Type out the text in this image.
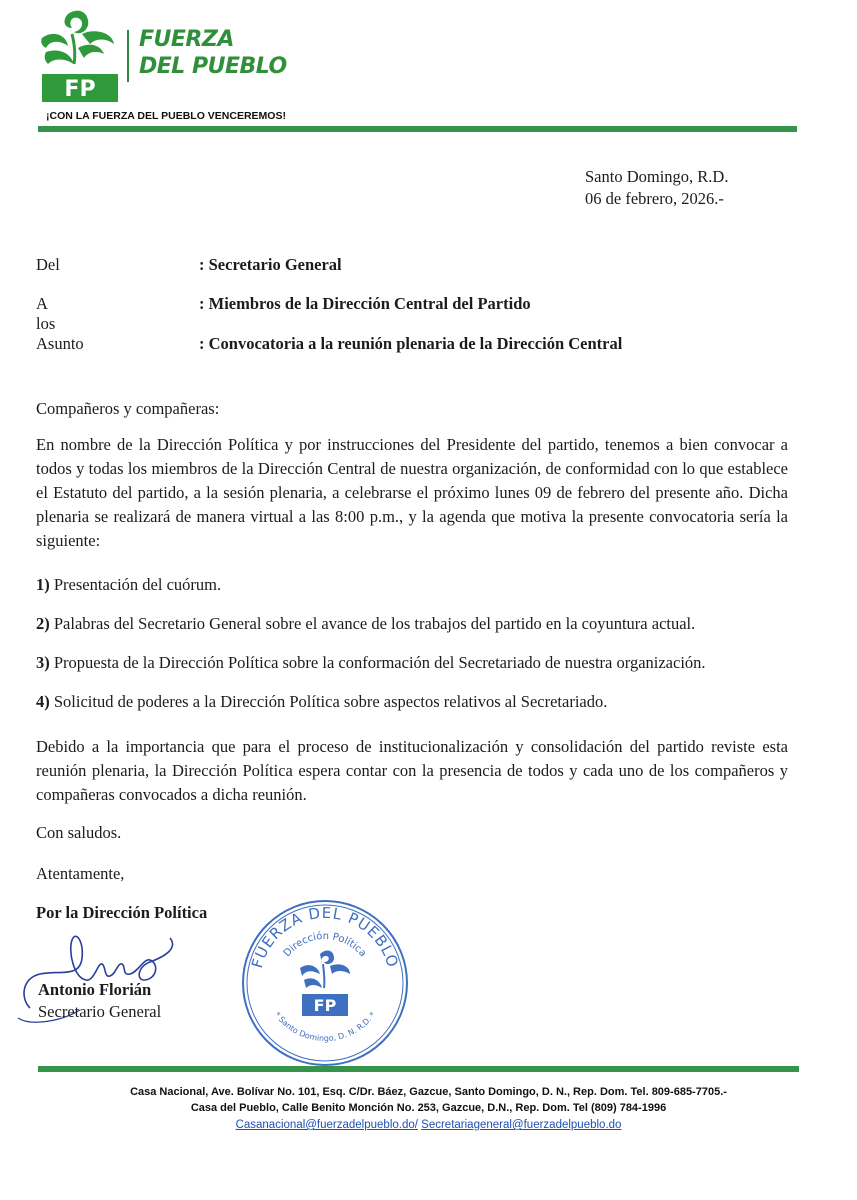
FP
FUERZA
DEL PUEBLO
¡CON LA FUERZA DEL PUEBLO VENCEREMOS!
Santo Domingo, R.D.
06 de febrero, 2026.-
Del	: Secretario General
A los
: Miembros de la Dirección Central del Partido
Asunto	: Convocatoria a la reunión plenaria de la Dirección Central
Compañeros y compañeras:
En nombre de la Dirección Política y por instrucciones del Presidente del partido, tenemos a bien convocar a todos y todas los miembros de la Dirección Central de nuestra organización, de conformidad con lo que establece el Estatuto del partido, a la sesión plenaria, a celebrarse el próximo lunes 09 de febrero del presente año. Dicha plenaria se realizará de manera virtual a las 8:00 p.m., y la agenda que motiva la presente convocatoria sería la siguiente:
1) Presentación del cuórum.
2) Palabras del Secretario General sobre el avance de los trabajos del partido en la coyuntura actual.
3) Propuesta de la Dirección Política sobre la conformación del Secretariado de nuestra organización.
4) Solicitud de poderes a la Dirección Política sobre aspectos relativos al Secretariado.
Debido a la importancia que para el proceso de institucionalización y consolidación del partido reviste esta reunión plenaria, la Dirección Política espera contar con la presencia de todos y cada uno de los compañeros y compañeras convocados a dicha reunión.
Con saludos.
Atentamente,
Por la Dirección Política
Antonio Florián
Secretario General
FUERZA DEL PUEBLO
Dirección Política
* Santo Domingo, D. N. R.D. *
FP
Casa Nacional, Ave. Bolívar No. 101, Esq. C/Dr. Báez, Gazcue, Santo Domingo, D. N., Rep. Dom. Tel. 809-685-7705.-
Casa del Pueblo, Calle Benito Monción No. 253, Gazcue, D.N., Rep. Dom. Tel (809) 784-1996
Casanacional@fuerzadelpueblo.do/ Secretariageneral@fuerzadelpueblo.do
